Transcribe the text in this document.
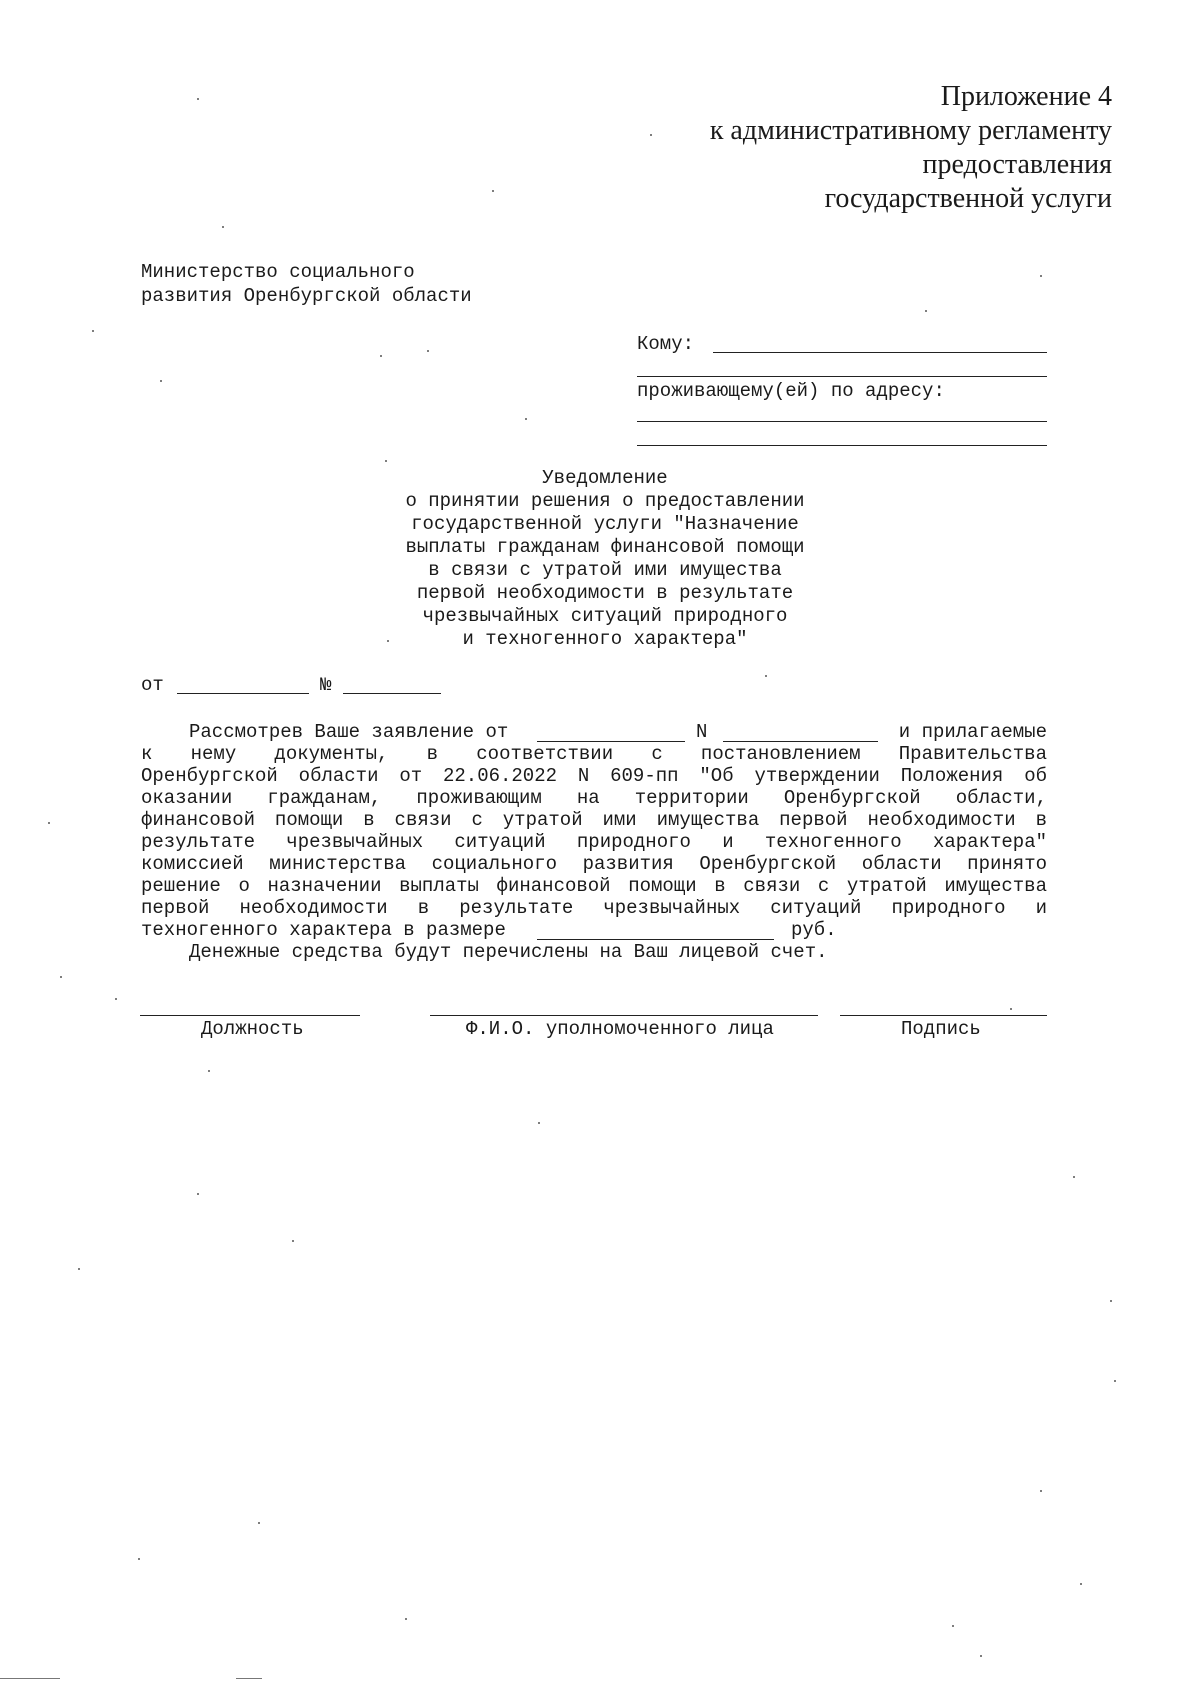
Приложение 4
к административному регламенту
предоставления
государственной услуги
Министерство социального
развития Оренбургской области
Кому:
проживающему(ей) по адресу:
Уведомление
о принятии решения о предоставлении
государственной услуги "Назначение
выплаты гражданам финансовой помощи
в связи с утратой ими имущества
первой необходимости в результате
чрезвычайных ситуаций природного
и техногенного характера"
от	№
Рассмотрев Ваше заявление от	N	и прилагаемые
к нему документы, в соответствии с постановлением Правительства
Оренбургской области от 22.06.2022 N 609-пп "Об утверждении Положения об
оказании гражданам, проживающим на территории Оренбургской области,
финансовой помощи в связи с утратой ими имущества первой необходимости в
результате чрезвычайных ситуаций природного и техногенного характера"
комиссией министерства социального развития Оренбургской области принято
решение о назначении выплаты финансовой помощи в связи с утратой имущества
первой необходимости в результате чрезвычайных ситуаций природного и
техногенного характера в размере	руб.
Денежные средства будут перечислены на Ваш лицевой счет.
Должность	Ф.И.О. уполномоченного лица	Подпись
